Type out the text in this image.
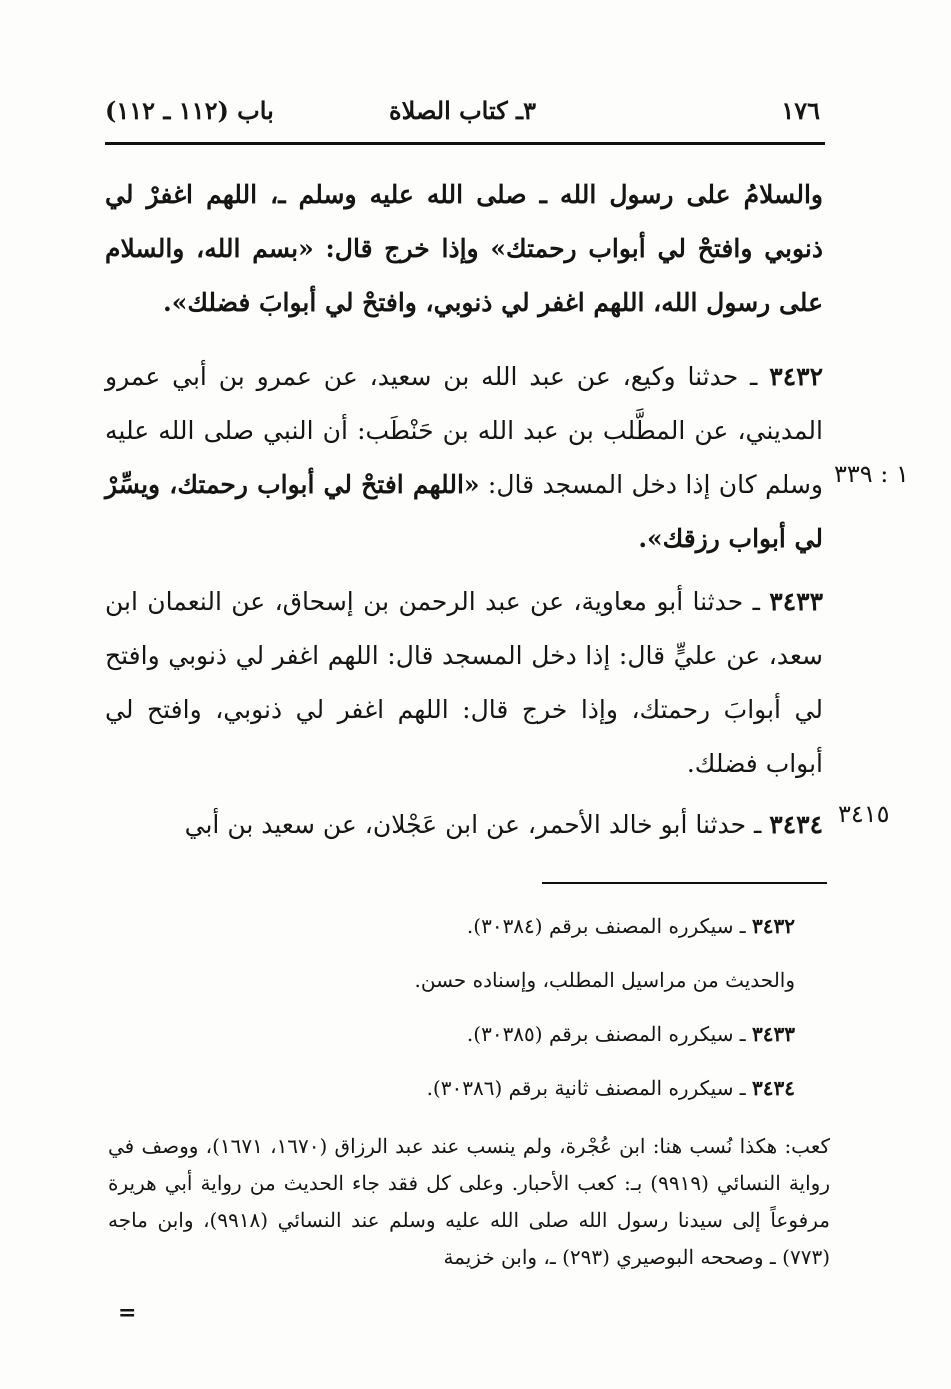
١٧٦
٣ـ كتاب الصلاة
باب (١١٢ ـ ١١٢)
والسلامُ على رسول الله ـ صلى الله عليه وسلم ـ، اللهم اغفرْ لي ذنوبي وافتحْ لي أبواب رحمتك» وإذا خرج قال: «بسم الله، والسلام على رسول الله، اللهم اغفر لي ذنوبي، وافتحْ لي أبوابَ فضلك».
٣٤٣٢ ـ حدثنا وكيع، عن عبد الله بن سعيد، عن عمرو بن أبي عمرو المديني، عن المطَّلب بن عبد الله بن حَنْطَب: أن النبي صلى الله عليه وسلم كان إذا دخل المسجد قال: «اللهم افتحْ لي أبواب رحمتك، ويسِّرْ لي أبواب رزقك».
٣٤٣٣ ـ حدثنا أبو معاوية، عن عبد الرحمن بن إسحاق، عن النعمان ابن سعد، عن عليٍّ قال: إذا دخل المسجد قال: اللهم اغفر لي ذنوبي وافتح لي أبوابَ رحمتك، وإذا خرج قال: اللهم اغفر لي ذنوبي، وافتح لي أبواب فضلك.
٣٤٣٤ ـ حدثنا أبو خالد الأحمر، عن ابن عَجْلان، عن سعيد بن أبي
١ : ٣٣٩
٣٤١٥
٣٤٣٢ ـ سيكرره المصنف برقم (٣٠٣٨٤).
والحديث من مراسيل المطلب، وإسناده حسن.
٣٤٣٣ ـ سيكرره المصنف برقم (٣٠٣٨٥).
٣٤٣٤ ـ سيكرره المصنف ثانية برقم (٣٠٣٨٦).
كعب: هكذا نُسب هنا: ابن عُجْرة، ولم ينسب عند عبد الرزاق (١٦٧٠، ١٦٧١)، ووصف في رواية النسائي (٩٩١٩) بـ: كعب الأحبار. وعلى كل فقد جاء الحديث من رواية أبي هريرة مرفوعاً إلى سيدنا رسول الله صلى الله عليه وسلم عند النسائي (٩٩١٨)، وابن ماجه (٧٧٣) ـ وصححه البوصيري (٢٩٣) ـ، وابن خزيمة
=
